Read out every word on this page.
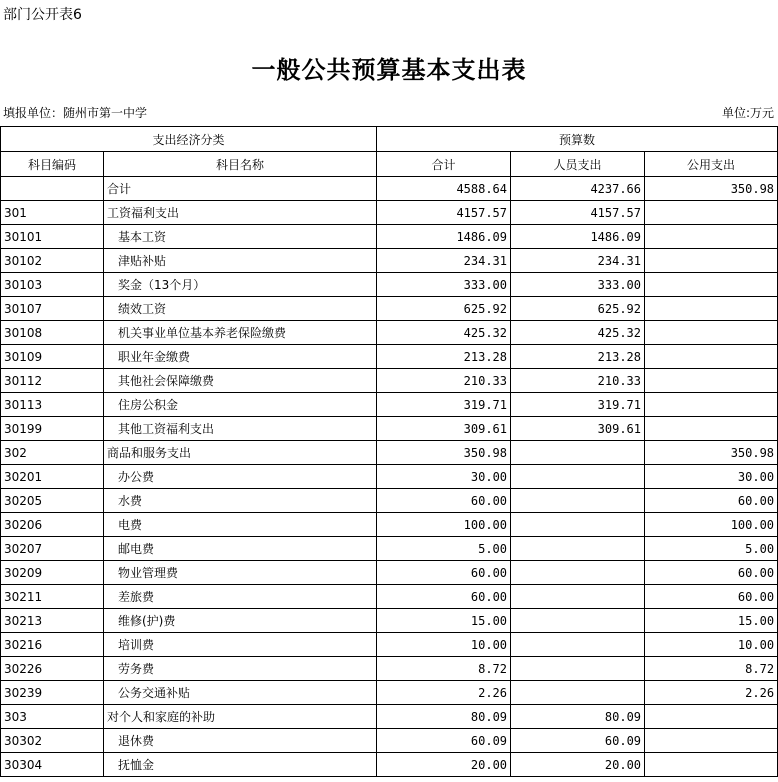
部门公开表6
一般公共预算基本支出表
填报单位：随州市第一中学	单位:万元
支出经济分类		预算数		
科目编码	科目名称	合计	人员支出	公用支出
	合计	4588.64	4237.66	350.98
301	工资福利支出	4157.57	4157.57	
30101	基本工资	1486.09	1486.09	
30102	津贴补贴	234.31	234.31	
30103	奖金（13个月）	333.00	333.00	
30107	绩效工资	625.92	625.92	
30108	机关事业单位基本养老保险缴费	425.32	425.32	
30109	职业年金缴费	213.28	213.28	
30112	其他社会保障缴费	210.33	210.33	
30113	住房公积金	319.71	319.71	
30199	其他工资福利支出	309.61	309.61	
302	商品和服务支出	350.98		350.98
30201	办公费	30.00		30.00
30205	水费	60.00		60.00
30206	电费	100.00		100.00
30207	邮电费	5.00		5.00
30209	物业管理费	60.00		60.00
30211	差旅费	60.00		60.00
30213	维修(护)费	15.00		15.00
30216	培训费	10.00		10.00
30226	劳务费	8.72		8.72
30239	公务交通补贴	2.26		2.26
303	对个人和家庭的补助	80.09	80.09	
30302	退休费	60.09	60.09	
30304	抚恤金	20.00	20.00	
